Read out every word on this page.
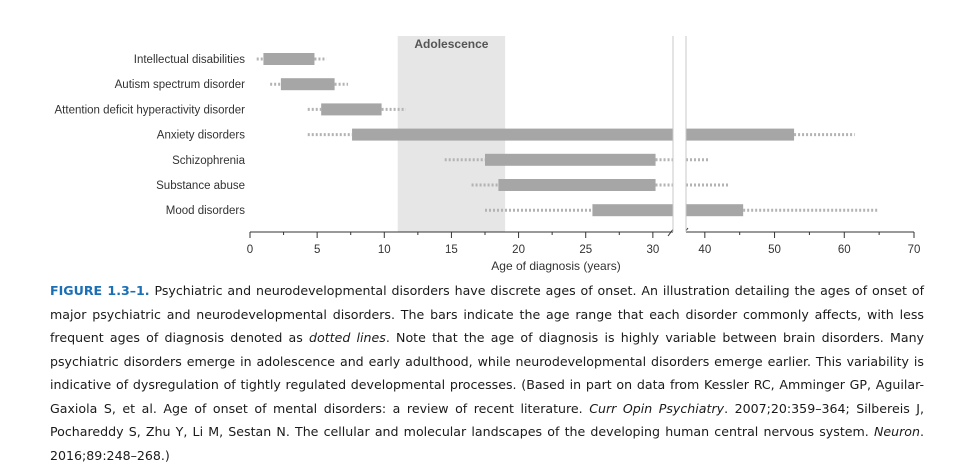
Adolescence
Intellectual disabilities
Autism spectrum disorder
Attention deficit hyperactivity disorder
Anxiety disorders
Schizophrenia
Substance abuse
Mood disorders
0	5	10	15	20	25	30	40	50	60	70
Age of diagnosis (years)

FIGURE 1.3–1. Psychiatric and neurodevelopmental disorders have discrete ages of onset. An illustration detailing the ages of onset of major psychiatric and neurodevelopmental disorders. The bars indicate the age range that each disorder commonly affects, with less frequent ages of diagnosis denoted as dotted lines. Note that the age of diagnosis is highly variable between brain disorders. Many psychiatric disorders emerge in adolescence and early adulthood, while neurodevelopmental disorders emerge earlier. This variability is indicative of dysregulation of tightly regulated developmental processes. (Based in part on data from Kessler RC, Amminger GP, Aguilar-Gaxiola S, et al. Age of onset of mental disorders: a review of recent literature. Curr Opin Psychiatry. 2007;20:359–364; Silbereis J, Pochareddy S, Zhu Y, Li M, Sestan N. The cellular and molecular landscapes of the developing human central nervous system. Neuron. 2016;89:248–268.)
